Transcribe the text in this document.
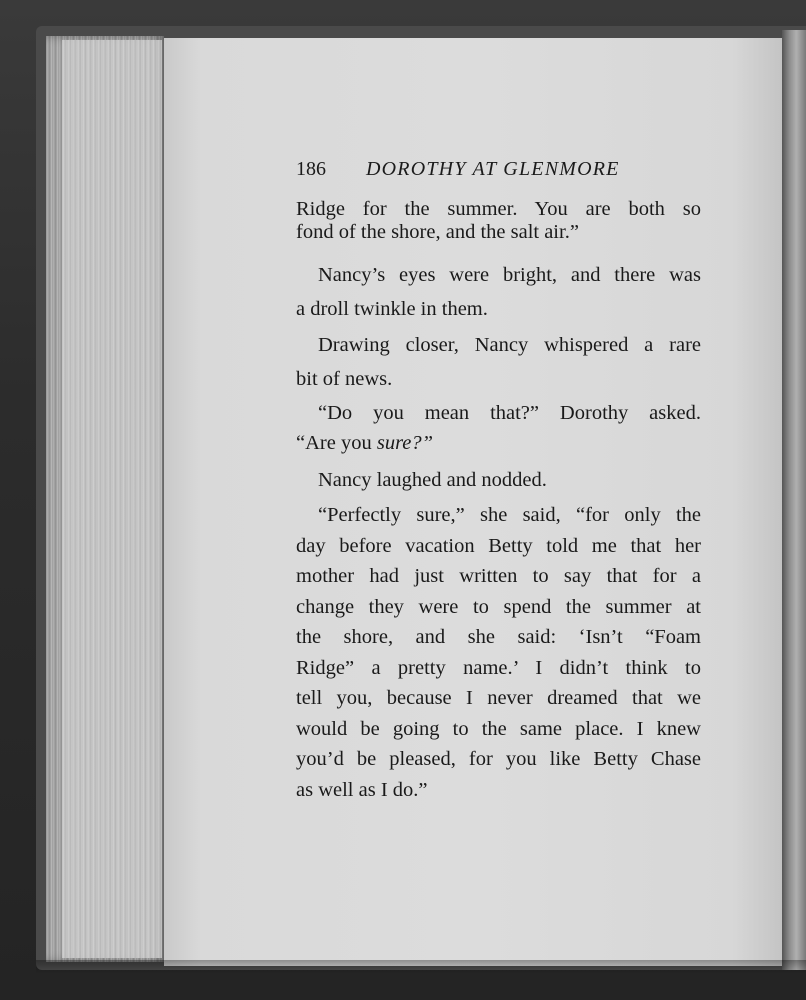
186	DOROTHY AT GLENMORE

Ridge for the summer. You are both so
fond of the shore, and the salt air.”

Nancy’s eyes were bright, and there was
a droll twinkle in them.

Drawing closer, Nancy whispered a rare
bit of news.

“Do you mean that?” Dorothy asked.
“Are you sure?”

Nancy laughed and nodded.

“Perfectly sure,” she said, “for only the
day before vacation Betty told me that her
mother had just written to say that for a
change they were to spend the summer at
the shore, and she said: ‘Isn’t “Foam
Ridge” a pretty name.’ I didn’t think to
tell you, because I never dreamed that we
would be going to the same place. I knew
you’d be pleased, for you like Betty Chase
as well as I do.”
